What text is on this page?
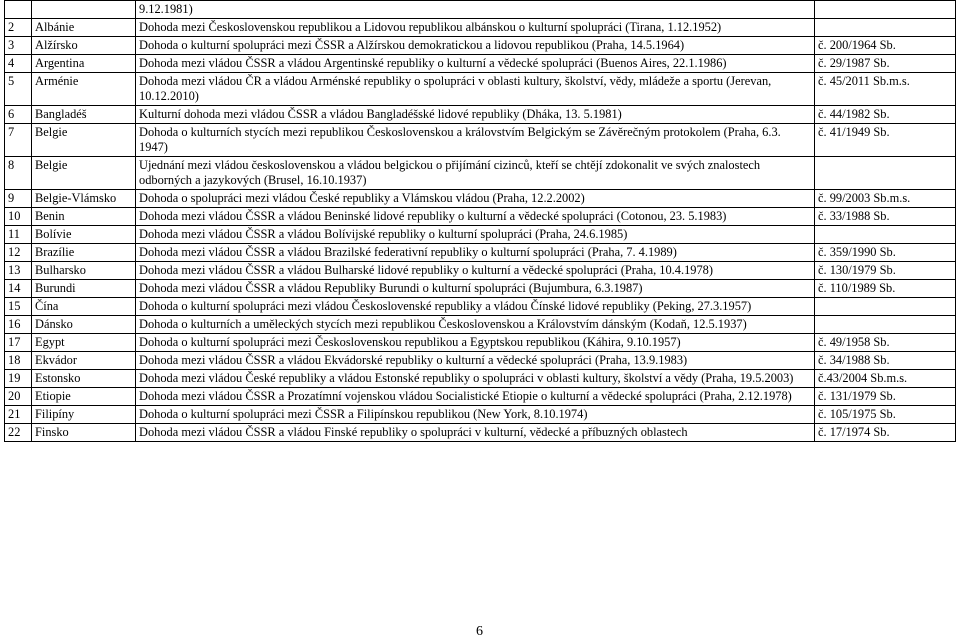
		9.12.1981)	
2	Albánie	Dohoda mezi Československou republikou a Lidovou republikou albánskou o kulturní spolupráci (Tirana, 1.12.1952)	
3	Alžírsko	Dohoda o kulturní spolupráci mezi ČSSR a Alžírskou demokratickou a lidovou republikou (Praha, 14.5.1964)	č. 200/1964 Sb.
4	Argentina	Dohoda mezi vládou ČSSR a vládou Argentinské republiky o kulturní a vědecké spolupráci (Buenos Aires, 22.1.1986)	č. 29/1987 Sb.
5	Arménie	Dohoda mezi vládou ČR a vládou Arménské republiky o spolupráci v oblasti kultury, školství, vědy, mládeže a sportu (Jerevan, 10.12.2010)	č. 45/2011 Sb.m.s.
6	Bangladéš	Kulturní dohoda mezi vládou ČSSR a vládou Bangladéšské lidové republiky (Dháka, 13. 5.1981)	č. 44/1982 Sb.
7	Belgie	Dohoda o kulturních stycích mezi republikou Československou a královstvím Belgickým se Závěrečným protokolem (Praha, 6.3. 1947)	č. 41/1949 Sb.
8	Belgie	Ujednání mezi vládou československou a vládou belgickou o přijímání cizinců, kteří se chtějí zdokonalit ve svých znalostech odborných a jazykových (Brusel, 16.10.1937)	
9	Belgie-Vlámsko	Dohoda o spolupráci mezi vládou České republiky a Vlámskou vládou (Praha, 12.2.2002)	č. 99/2003 Sb.m.s.
10	Benin	Dohoda mezi vládou ČSSR a vládou Beninské lidové republiky o kulturní a vědecké spolupráci (Cotonou, 23. 5.1983)	č. 33/1988 Sb.
11	Bolívie	Dohoda mezi vládou ČSSR a vládou Bolívijské republiky o kulturní spolupráci (Praha, 24.6.1985)	
12	Brazílie	Dohoda mezi vládou ČSSR a vládou Brazilské federativní republiky o kulturní spolupráci (Praha, 7. 4.1989)	č. 359/1990 Sb.
13	Bulharsko	Dohoda mezi vládou ČSSR a vládou Bulharské lidové republiky o kulturní a vědecké spolupráci (Praha, 10.4.1978)	č. 130/1979 Sb.
14	Burundi	Dohoda mezi vládou ČSSR a vládou Republiky Burundi o kulturní spolupráci (Bujumbura, 6.3.1987)	č. 110/1989 Sb.
15	Čína	Dohoda o kulturní spolupráci mezi vládou Československé republiky a vládou Čínské lidové republiky (Peking, 27.3.1957)	
16	Dánsko	Dohoda o kulturních a uměleckých stycích mezi republikou Československou a Královstvím dánským (Kodaň, 12.5.1937)	
17	Egypt	Dohoda o kulturní spolupráci mezi Československou republikou a Egyptskou republikou (Káhira, 9.10.1957)	č. 49/1958 Sb.
18	Ekvádor	Dohoda mezi vládou ČSSR a vládou Ekvádorské republiky o kulturní a vědecké spolupráci (Praha, 13.9.1983)	č. 34/1988 Sb.
19	Estonsko	Dohoda mezi vládou České republiky a vládou Estonské republiky o spolupráci v oblasti kultury, školství a vědy (Praha, 19.5.2003)	č.43/2004 Sb.m.s.
20	Etiopie	Dohoda mezi vládou ČSSR a Prozatímní vojenskou vládou Socialistické Etiopie o kulturní a vědecké spolupráci (Praha, 2.12.1978)	č. 131/1979 Sb.
21	Filipíny	Dohoda o kulturní spolupráci mezi ČSSR a Filipínskou republikou (New York, 8.10.1974)	č. 105/1975 Sb.
22	Finsko	Dohoda mezi vládou ČSSR a vládou Finské republiky o spolupráci v kulturní, vědecké a příbuzných oblastech	č. 17/1974 Sb.
6
